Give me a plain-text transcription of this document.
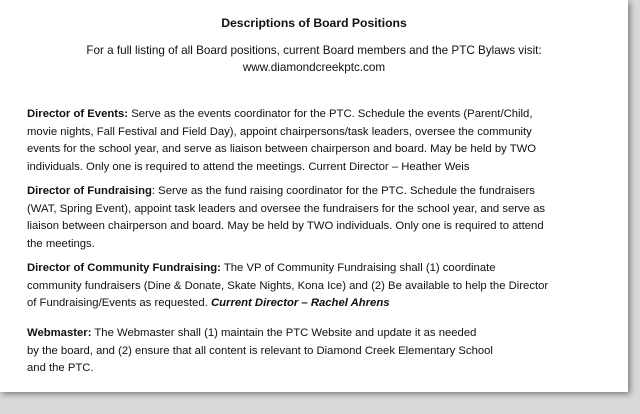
Descriptions of Board Positions
For a full listing of all Board positions, current Board members and the PTC Bylaws visit:
www.diamondcreekptc.com
Director of Events: Serve as the events coordinator for the PTC. Schedule the events (Parent/Child,
movie nights, Fall Festival and Field Day), appoint chairpersons/task leaders, oversee the community
events for the school year, and serve as liaison between chairperson and board. May be held by TWO
individuals. Only one is required to attend the meetings. Current Director – Heather Weis
Director of Fundraising: Serve as the fund raising coordinator for the PTC. Schedule the fundraisers
(WAT, Spring Event), appoint task leaders and oversee the fundraisers for the school year, and serve as
liaison between chairperson and board. May be held by TWO individuals. Only one is required to attend
the meetings.
Director of Community Fundraising: The VP of Community Fundraising shall (1) coordinate
community fundraisers (Dine & Donate, Skate Nights, Kona Ice) and (2) Be available to help the Director
of Fundraising/Events as requested. Current Director – Rachel Ahrens
Webmaster: The Webmaster shall (1) maintain the PTC Website and update it as needed
by the board, and (2) ensure that all content is relevant to Diamond Creek Elementary School
and the PTC.
